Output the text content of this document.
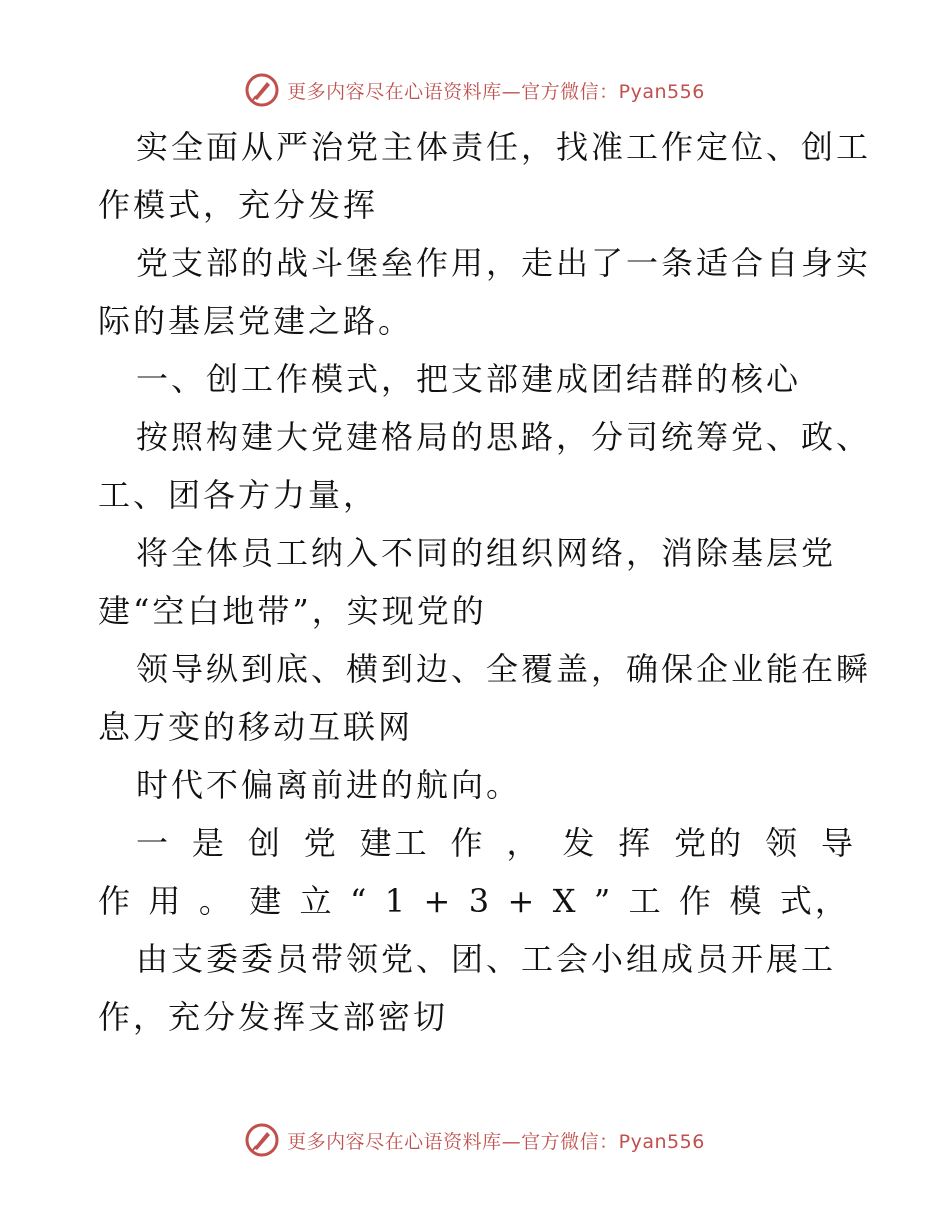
更多内容尽在心语资料库—官方微信：Pyan556
实全面从严治党主体责任，找准工作定位、创工
作模式，充分发挥
党支部的战斗堡垒作用，走出了一条适合自身实
际的基层党建之路。
一、创工作模式，把支部建成团结群的核心
按照构建大党建格局的思路，分司统筹党、政、
工、团各方力量，
将全体员工纳入不同的组织网络，消除基层党
建“空白地带”，实现党的
领导纵到底、横到边、全覆盖，确保企业能在瞬
息万变的移动互联网
时代不偏离前进的航向。
一 是 创 党 建工 作 ， 发 挥 党的 领 导
作 用 。 建 立 “ 1 + 3 + X ” 工 作 模 式，
由支委委员带领党、团、工会小组成员开展工
作，充分发挥支部密切
更多内容尽在心语资料库—官方微信：Pyan556
